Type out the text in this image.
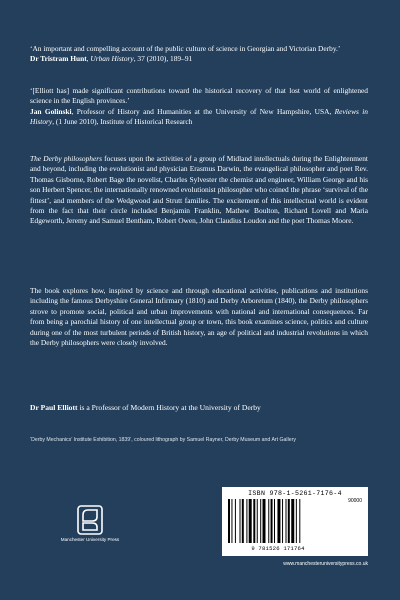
‘An important and compelling account of the public culture of science in Georgian and Victorian Derby.’

Dr Tristram Hunt, Urban History, 37 (2010), 189–91

‘[Elliott has] made significant contributions toward the historical recovery of that lost world of enlightened science in the English provinces.’

Jan Golinski, Professor of History and Humanities at the University of New Hampshire, USA, Reviews in History, (1 June 2010), Institute of Historical Research

The Derby philosophers focuses upon the activities of a group of Midland intellectuals during the Enlightenment and beyond, including the evolutionist and physician Erasmus Darwin, the evangelical philosopher and poet Rev. Thomas Gisborne, Robert Bage the novelist, Charles Sylvester the chemist and engineer, William George and his son Herbert Spencer, the internationally renowned evolutionist philosopher who coined the phrase ‘survival of the fittest’, and members of the Wedgwood and Strutt families. The excitement of this intellectual world is evident from the fact that their circle included Benjamin Franklin, Mathew Boulton, Richard Lovell and Maria Edgeworth, Jeremy and Samuel Bentham, Robert Owen, John Claudius Loudon and the poet Thomas Moore.

The book explores how, inspired by science and through educational activities, publications and institutions including the famous Derbyshire General Infirmary (1810) and Derby Arboretum (1840), the Derby philosophers strove to promote social, political and urban improvements with national and international consequences. Far from being a parochial history of one intellectual group or town, this book examines science, politics and culture during one of the most turbulent periods of British history, an age of political and industrial revolutions in which the Derby philosophers were closely involved.

Dr Paul Elliott is a Professor of Modern History at the University of Derby

‘Derby Mechanics’ Institute Exhibition, 1839’, coloured lithograph by Samuel Rayner, Derby Museum and Art Gallery
Manchester University Press
ISBN 978-1-5261-7176-4
90000
9 781526 171764
www.manchesteruniversitypress.co.uk
